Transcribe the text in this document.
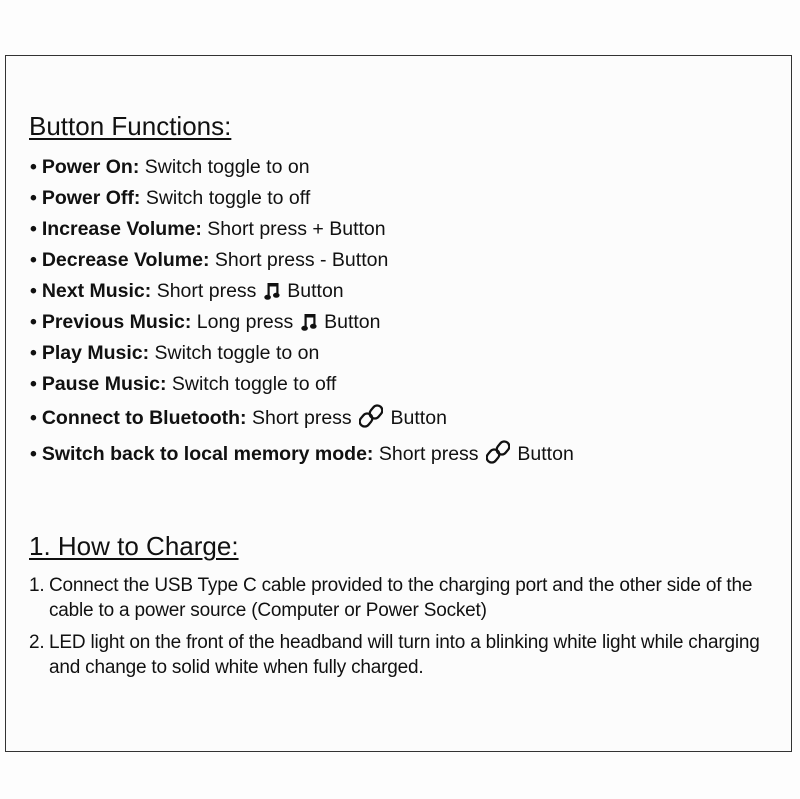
Button Functions:
• Power On: Switch toggle to on
• Power Off: Switch toggle to off
• Increase Volume: Short press + Button
• Decrease Volume: Short press - Button
• Next Music: Short press Button
• Previous Music: Long press Button
• Play Music: Switch toggle to on
• Pause Music: Switch toggle to off
• Connect to Bluetooth: Short press Button
• Switch back to local memory mode: Short press Button
1. How to Charge:
1. Connect the USB Type C cable provided to the charging port and the other side of the cable to a power source (Computer or Power Socket)
2. LED light on the front of the headband will turn into a blinking white light while charging and change to solid white when fully charged.
